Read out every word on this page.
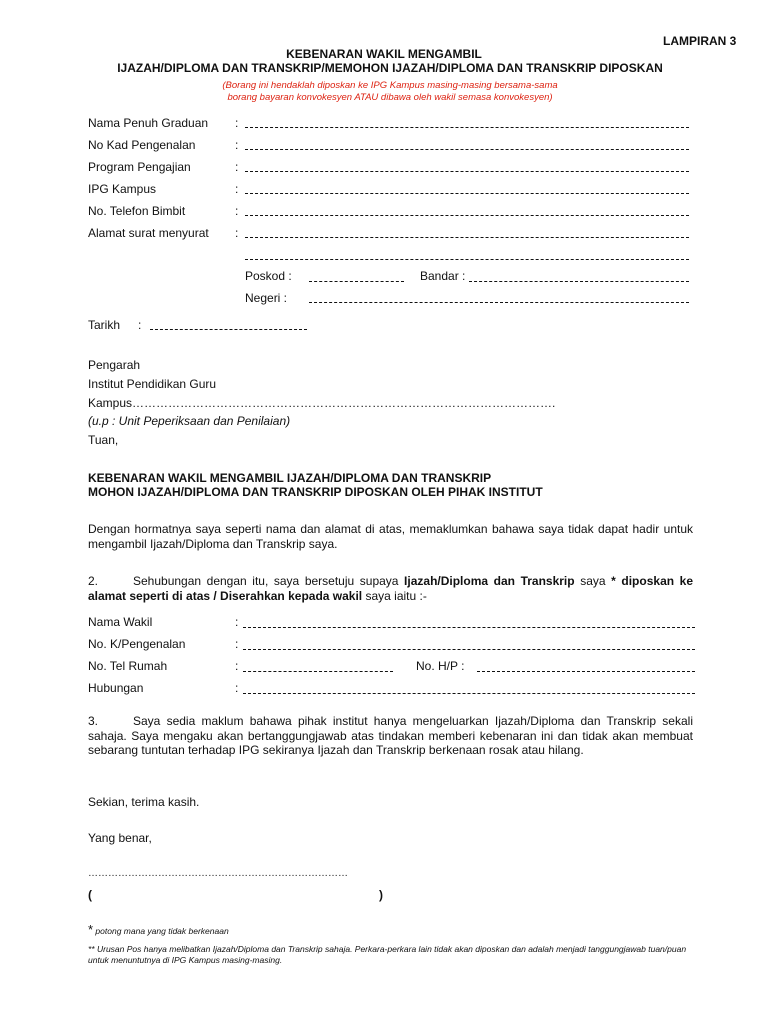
LAMPIRAN 3
KEBENARAN WAKIL MENGAMBIL
IJAZAH/DIPLOMA DAN TRANSKRIP/MEMOHON IJAZAH/DIPLOMA DAN TRANSKRIP DIPOSKAN
(Borang ini hendaklah diposkan ke IPG Kampus masing-masing bersama-sama
borang bayaran konvokesyen ATAU dibawa oleh wakil semasa konvokesyen)
Nama Penuh Graduan :
No Kad Pengenalan	:
Program Pengajian	:
IPG Kampus	:
No. Telefon Bimbit	:
Alamat surat menyurat :
Poskod :	Bandar :
Negeri :
Tarikh :
Pengarah
Institut Pendidikan Guru
Kampus…………………………………………………………………………………………….
(u.p : Unit Peperiksaan dan Penilaian)
Tuan,
KEBENARAN WAKIL MENGAMBIL IJAZAH/DIPLOMA DAN TRANSKRIP
MOHON IJAZAH/DIPLOMA DAN TRANSKRIP DIPOSKAN OLEH PIHAK INSTITUT
Dengan hormatnya saya seperti nama dan alamat di atas, memaklumkan bahawa saya tidak dapat hadir untuk mengambil Ijazah/Diploma dan Transkrip saya.
2.	Sehubungan dengan itu, saya bersetuju supaya Ijazah/Diploma dan Transkrip saya * diposkan ke alamat seperti di atas / Diserahkan kepada wakil saya iaitu :-
Nama Wakil	:
No. K/Pengenalan	:
No. Tel Rumah	:	No. H/P :
Hubungan	:
3.	Saya sedia maklum bahawa pihak institut hanya mengeluarkan Ijazah/Diploma dan Transkrip sekali sahaja. Saya mengaku akan bertanggungjawab atas tindakan memberi kebenaran ini dan tidak akan membuat sebarang tuntutan terhadap IPG sekiranya Ijazah dan Transkrip berkenaan rosak atau hilang.
Sekian, terima kasih.
Yang benar,
……………………………………………………………………
(	)
* potong mana yang tidak berkenaan
** Urusan Pos hanya melibatkan Ijazah/Diploma dan Transkrip sahaja. Perkara-perkara lain tidak akan diposkan dan adalah menjadi tanggungjawab tuan/puan untuk menuntutnya di IPG Kampus masing-masing.
